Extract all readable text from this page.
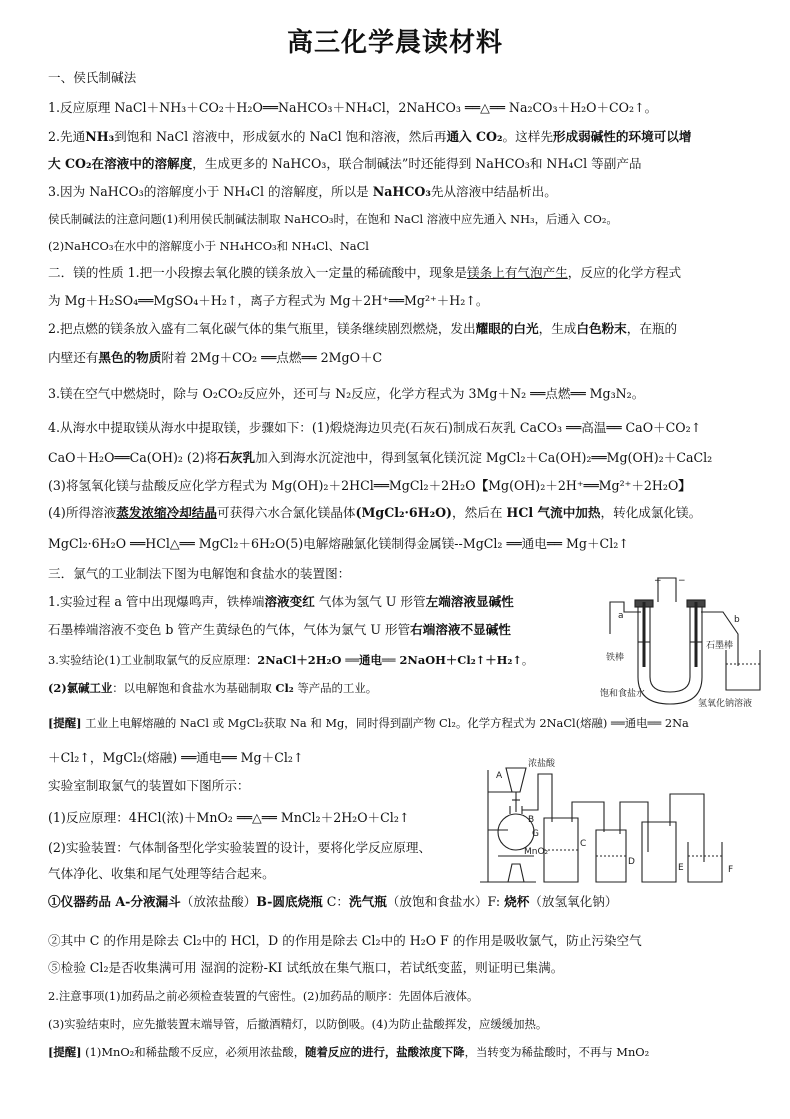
高三化学晨读材料
一、侯氏制碱法
1.反应原理 NaCl＋NH₃＋CO₂＋H₂O══NaHCO₃＋NH₄Cl，2NaHCO₃ ══△══ Na₂CO₃＋H₂O＋CO₂↑。
2.先通NH₃到饱和 NaCl 溶液中，形成氨水的 NaCl 饱和溶液，然后再通入 CO₂。这样先形成弱碱性的环境可以增
大 CO₂在溶液中的溶解度，生成更多的 NaHCO₃，联合制碱法”时还能得到 NaHCO₃和 NH₄Cl 等副产品
3.因为 NaHCO₃的溶解度小于 NH₄Cl 的溶解度，所以是 NaHCO₃先从溶液中结晶析出。
侯氏制碱法的注意问题(1)利用侯氏制碱法制取 NaHCO₃时，在饱和 NaCl 溶液中应先通入 NH₃，后通入 CO₂。
(2)NaHCO₃在水中的溶解度小于 NH₄HCO₃和 NH₄Cl、NaCl
二．镁的性质 1.把一小段擦去氧化膜的镁条放入一定量的稀硫酸中，现象是镁条上有气泡产生，反应的化学方程式
为 Mg＋H₂SO₄══MgSO₄＋H₂↑，离子方程式为 Mg＋2H⁺══Mg²⁺＋H₂↑。
2.把点燃的镁条放入盛有二氧化碳气体的集气瓶里，镁条继续剧烈燃烧，发出耀眼的白光，生成白色粉末，在瓶的
内壁还有黑色的物质附着 2Mg＋CO₂ ══点燃══ 2MgO＋C
3.镁在空气中燃烧时，除与 O₂CO₂反应外，还可与 N₂反应，化学方程式为 3Mg＋N₂ ══点燃══ Mg₃N₂。
4.从海水中提取镁从海水中提取镁，步骤如下：(1)煅烧海边贝壳(石灰石)制成石灰乳 CaCO₃ ══高温══ CaO＋CO₂↑
CaO＋H₂O══Ca(OH)₂ (2)将石灰乳加入到海水沉淀池中，得到氢氧化镁沉淀 MgCl₂＋Ca(OH)₂══Mg(OH)₂＋CaCl₂
(3)将氢氧化镁与盐酸反应化学方程式为 Mg(OH)₂＋2HCl══MgCl₂＋2H₂O【Mg(OH)₂＋2H⁺══Mg²⁺＋2H₂O】
(4)所得溶液蒸发浓缩冷却结晶可获得六水合氯化镁晶体(MgCl₂·6H₂O)，然后在 HCl 气流中加热，转化成氯化镁。
MgCl₂·6H₂O ══HCl△══ MgCl₂＋6H₂O(5)电解熔融氯化镁制得金属镁--MgCl₂ ══通电══ Mg＋Cl₂↑
三．氯气的工业制法下图为电解饱和食盐水的装置图：
1.实验过程 a 管中出现爆鸣声，铁棒端溶液变红 气体为氢气 U 形管左端溶液显碱性
石墨棒端溶液不变色 b 管产生黄绿色的气体，气体为氯气 U 形管右端溶液不显碱性
3.实验结论(1)工业制取氯气的反应原理：2NaCl＋2H₂O ══通电══ 2NaOH＋Cl₂↑＋H₂↑。
(2)氯碱工业：以电解饱和食盐水为基础制取 Cl₂ 等产品的工业。
[提醒] 工业上电解熔融的 NaCl 或 MgCl₂获取 Na 和 Mg，同时得到副产物 Cl₂。化学方程式为 2NaCl(熔融) ══通电══ 2Na
＋Cl₂↑，MgCl₂(熔融) ══通电══ Mg＋Cl₂↑
实验室制取氯气的装置如下图所示：
(1)反应原理：4HCl(浓)＋MnO₂ ══△══ MnCl₂＋2H₂O＋Cl₂↑
(2)实验装置：气体制备型化学实验装置的设计，要将化学反应原理、
气体净化、收集和尾气处理等结合起来。
①仪器药品 A-分液漏斗（放浓盐酸）B-圆底烧瓶 C：洗气瓶（放饱和食盐水）F: 烧杯（放氢氧化钠）
②其中 C 的作用是除去 Cl₂中的 HCl，D 的作用是除去 Cl₂中的 H₂O F 的作用是吸收氯气，防止污染空气
⑤检验 Cl₂是否收集满可用 湿润的淀粉-KI 试纸放在集气瓶口，若试纸变蓝，则证明已集满。
2.注意事项(1)加药品之前必须检查装置的气密性。(2)加药品的顺序：先固体后液体。
(3)实验结束时，应先撤装置末端导管，后撤酒精灯，以防倒吸。(4)为防止盐酸挥发，应缓缓加热。
[提醒] (1)MnO₂和稀盐酸不反应，必须用浓盐酸，随着反应的进行，盐酸浓度下降，当转变为稀盐酸时，不再与 MnO₂
+ −
a	b
铁棒
石墨棒
饱和食盐水
氢氧化钠溶液
A
B
G
C
D
E	F
浓盐酸
MnO₂
